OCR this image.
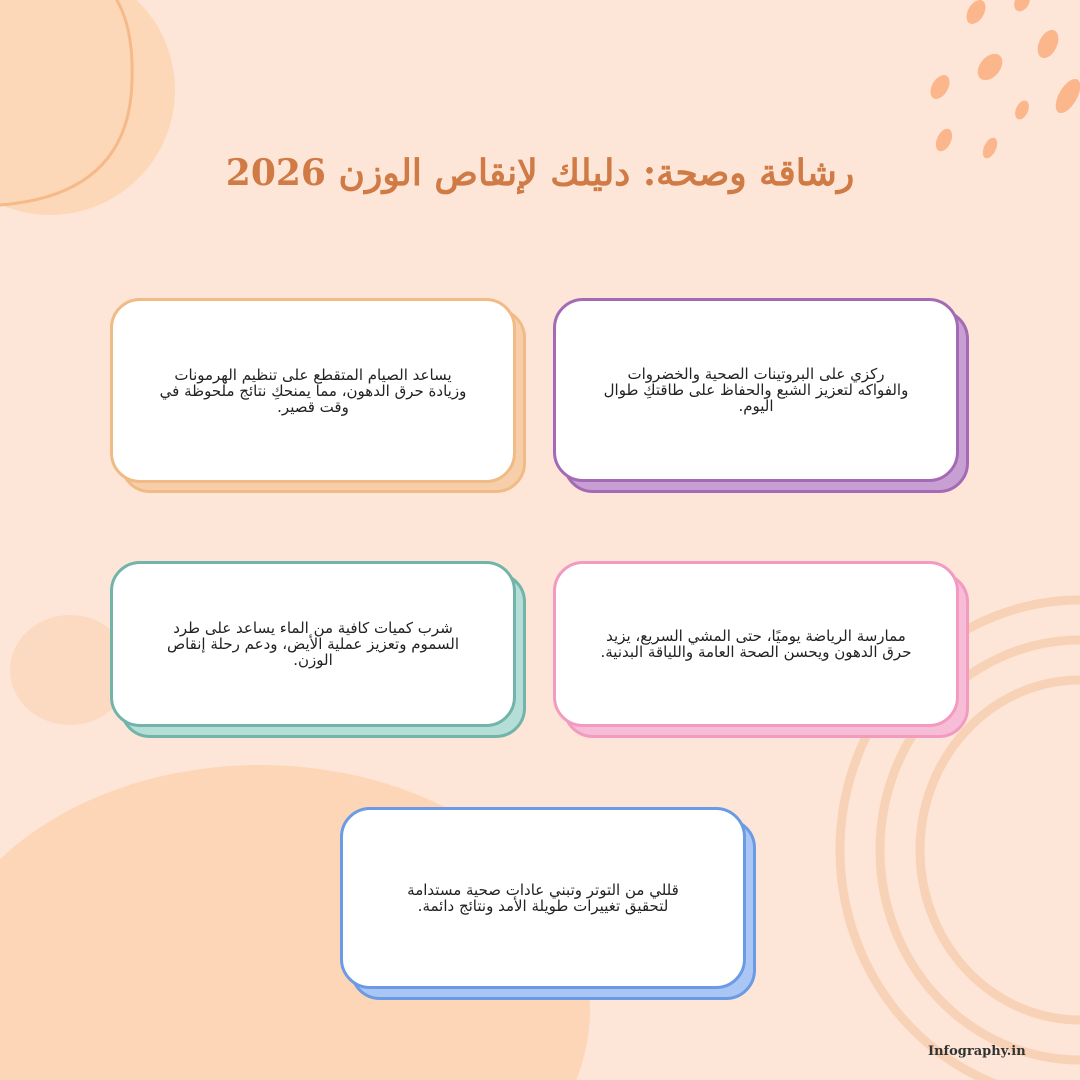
رشاقة وصحة: دليلك لإنقاص الوزن 2026

يساعد الصيام المتقطع على تنظيم الهرمونات وزيادة حرق الدهون، مما يمنحكِ نتائج ملحوظة في وقت قصير.

ركزي على البروتينات الصحية والخضروات والفواكه لتعزيز الشبع والحفاظ على طاقتكِ طوال اليوم.

شرب كميات كافية من الماء يساعد على طرد السموم وتعزيز عملية الأيض، ودعم رحلة إنقاص الوزن.

ممارسة الرياضة يوميًا، حتى المشي السريع، يزيد حرق الدهون ويحسن الصحة العامة واللياقة البدنية.

قللي من التوتر وتبني عادات صحية مستدامة لتحقيق تغييرات طويلة الأمد ونتائج دائمة.

Infography.in
